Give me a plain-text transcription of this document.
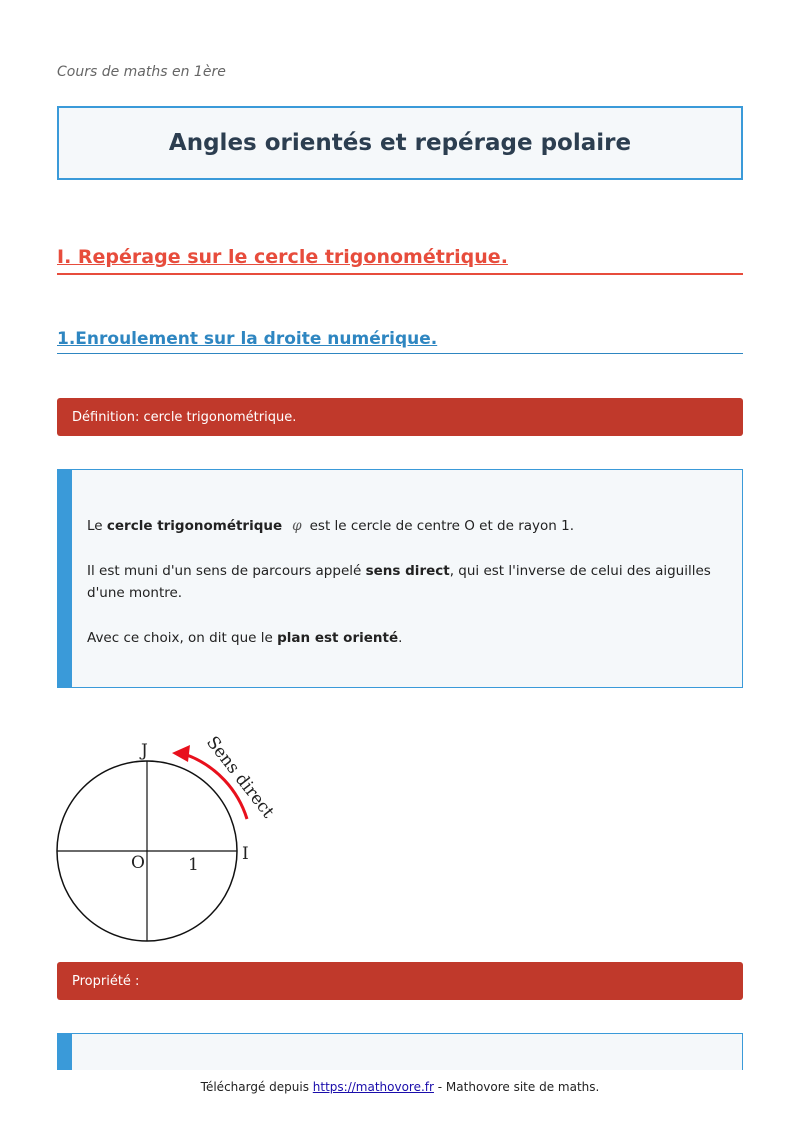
Cours de maths en 1ère
Angles orientés et repérage polaire
I. Repérage sur le cercle trigonométrique.
1.Enroulement sur la droite numérique.
Définition: cercle trigonométrique.

Le cercle trigonométrique φ est le cercle de centre O et de rayon 1.

Il est muni d'un sens de parcours appelé sens direct, qui est l'inverse de celui des aiguilles d'une montre.

Avec ce choix, on dit que le plan est orienté.

J
I
O	1
Sens direct
Propriété :
Téléchargé depuis https://mathovore.fr - Mathovore site de maths.
